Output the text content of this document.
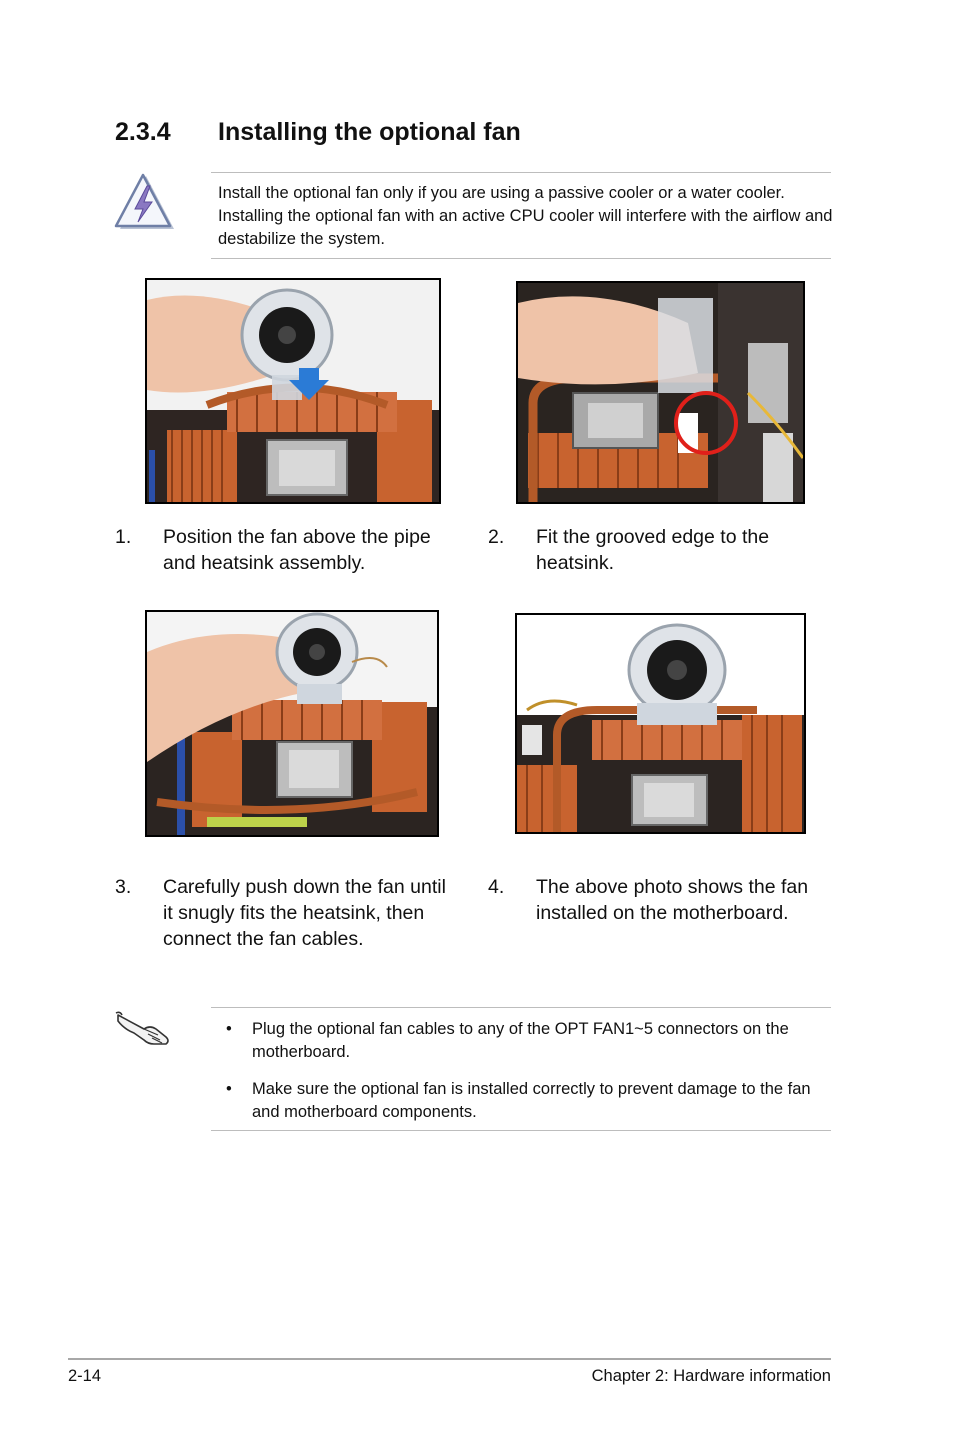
2.3.4 Installing the optional fan
Install the optional fan only if you are using a passive cooler or a water cooler. Installing the optional fan with an active CPU cooler will interfere with the airflow and destabilize the system.
1. Position the fan above the pipe and heatsink assembly.
2. Fit the grooved edge to the heatsink.
3. Carefully push down the fan until it snugly fits the heatsink, then connect the fan cables.
4. The above photo shows the fan installed on the motherboard.
• Plug the optional fan cables to any of the OPT FAN1~5 connectors on the motherboard.
• Make sure the optional fan is installed correctly to prevent damage to the fan and motherboard components.
2-14	Chapter 2: Hardware information
